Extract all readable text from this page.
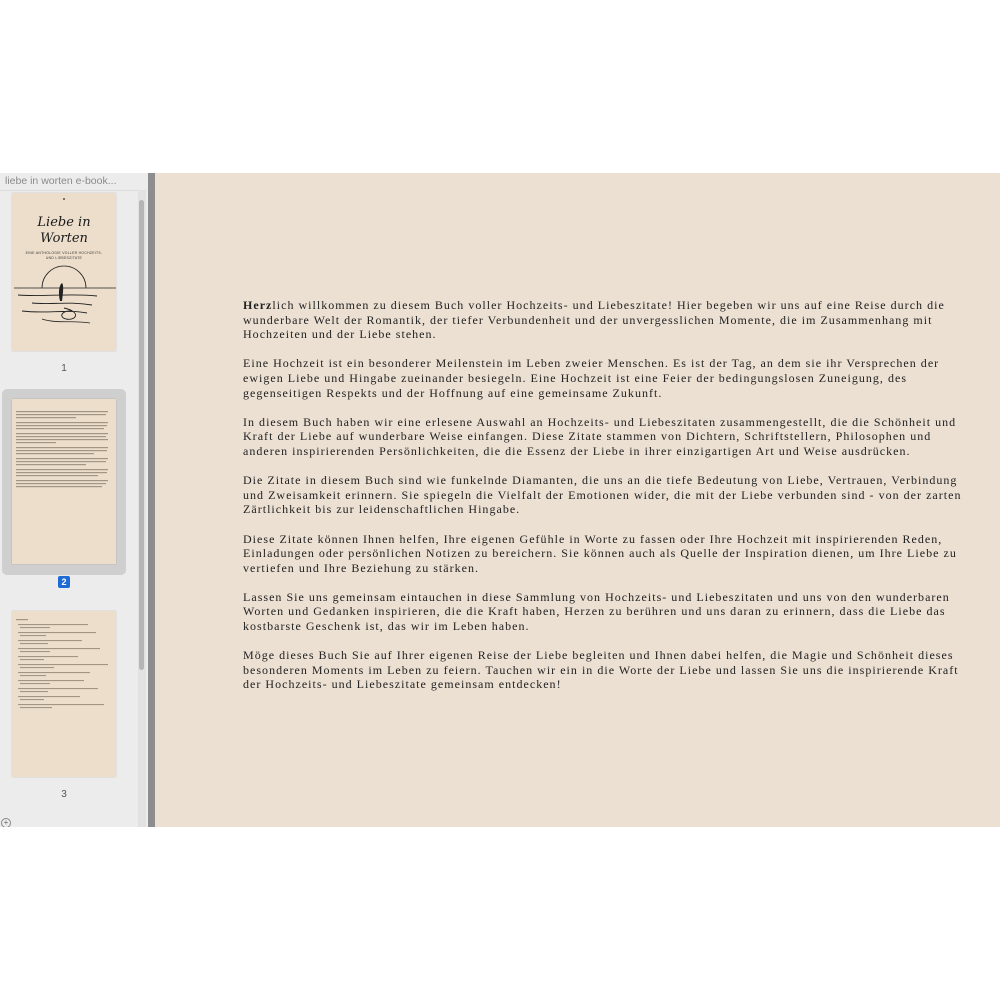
liebe in worten e-book...
Liebe in
Worten
EINE ANTHOLOGIE VOLLER HOCHZEITS- UND LIEBESZITATE
1
2
3
+

Herzlich willkommen zu diesem Buch voller Hochzeits- und Liebeszitate! Hier begeben wir uns auf eine Reise durch die wunderbare Welt der Romantik, der tiefer Verbundenheit und der unvergesslichen Momente, die im Zusammenhang mit Hochzeiten und der Liebe stehen.

Eine Hochzeit ist ein besonderer Meilenstein im Leben zweier Menschen. Es ist der Tag, an dem sie ihr Versprechen der ewigen Liebe und Hingabe zueinander besiegeln. Eine Hochzeit ist eine Feier der bedingungslosen Zuneigung, des gegenseitigen Respekts und der Hoffnung auf eine gemeinsame Zukunft.

In diesem Buch haben wir eine erlesene Auswahl an Hochzeits- und Liebeszitaten zusammengestellt, die die Schönheit und Kraft der Liebe auf wunderbare Weise einfangen. Diese Zitate stammen von Dichtern, Schriftstellern, Philosophen und anderen inspirierenden Persönlichkeiten, die die Essenz der Liebe in ihrer einzigartigen Art und Weise ausdrücken.

Die Zitate in diesem Buch sind wie funkelnde Diamanten, die uns an die tiefe Bedeutung von Liebe, Vertrauen, Verbindung und Zweisamkeit erinnern. Sie spiegeln die Vielfalt der Emotionen wider, die mit der Liebe verbunden sind - von der zarten Zärtlichkeit bis zur leidenschaftlichen Hingabe.

Diese Zitate können Ihnen helfen, Ihre eigenen Gefühle in Worte zu fassen oder Ihre Hochzeit mit inspirierenden Reden, Einladungen oder persönlichen Notizen zu bereichern. Sie können auch als Quelle der Inspiration dienen, um Ihre Liebe zu vertiefen und Ihre Beziehung zu stärken.

Lassen Sie uns gemeinsam eintauchen in diese Sammlung von Hochzeits- und Liebeszitaten und uns von den wunderbaren Worten und Gedanken inspirieren, die die Kraft haben, Herzen zu berühren und uns daran zu erinnern, dass die Liebe das kostbarste Geschenk ist, das wir im Leben haben.

Möge dieses Buch Sie auf Ihrer eigenen Reise der Liebe begleiten und Ihnen dabei helfen, die Magie und Schönheit dieses besonderen Moments im Leben zu feiern. Tauchen wir ein in die Worte der Liebe und lassen Sie uns die inspirierende Kraft der Hochzeits- und Liebeszitate gemeinsam entdecken!
